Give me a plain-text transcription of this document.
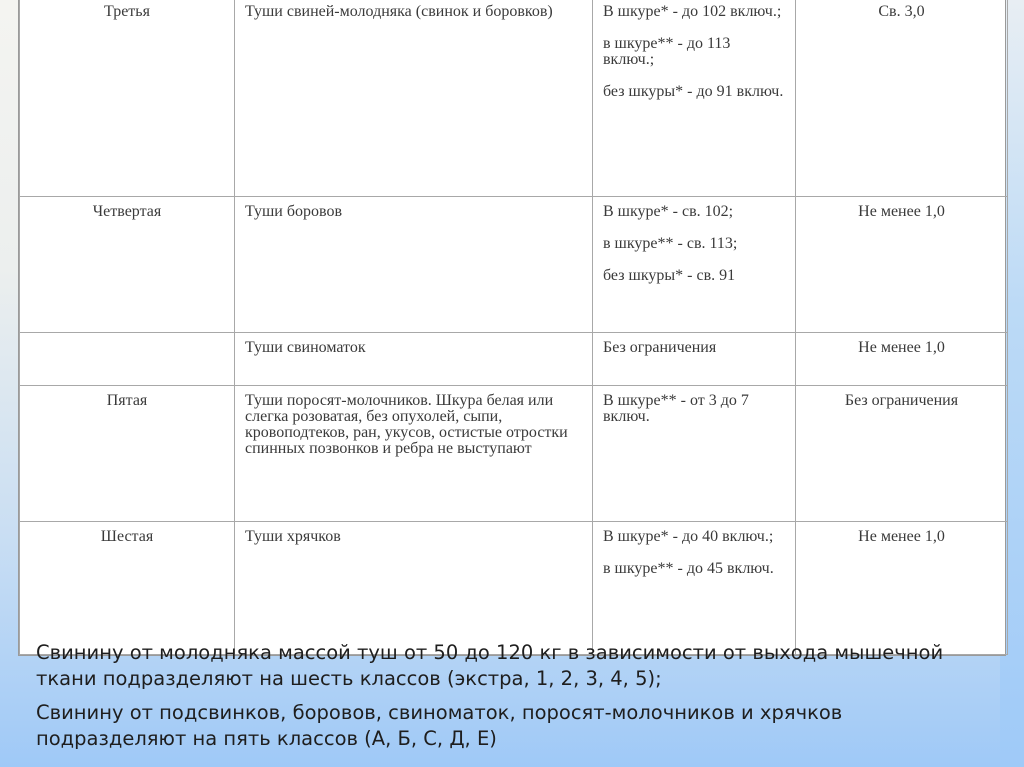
Третья	Туши свиней-молодняка (свинок и боровков)	В шкуре* - до 102 включ.;
в шкуре** - до 113 включ.;
без шкуры* - до 91 включ.	Св. 3,0
Четвертая	Туши боровов	В шкуре* - св. 102;
в шкуре** - св. 113;
без шкуры* - св. 91	Не менее 1,0
	Туши свиноматок	Без ограничения	Не менее 1,0
Пятая	Туши поросят-молочников. Шкура белая или слегка розоватая, без опухолей, сыпи, кровоподтеков, ран, укусов, остистые отростки спинных позвонков и ребра не выступают	В шкуре** - от 3 до 7 включ.	Без ограничения
Шестая	Туши хрячков	В шкуре* - до 40 включ.;
в шкуре** - до 45 включ.	Не менее 1,0

Свинину от молодняка массой туш от 50 до 120 кг в зависимости от выхода мышечной ткани подразделяют на шесть классов (экстра, 1, 2, 3, 4, 5);

Свинину от подсвинков, боровов, свиноматок, поросят-молочников и хрячков подразделяют на пять классов (А, Б, С, Д, Е)
